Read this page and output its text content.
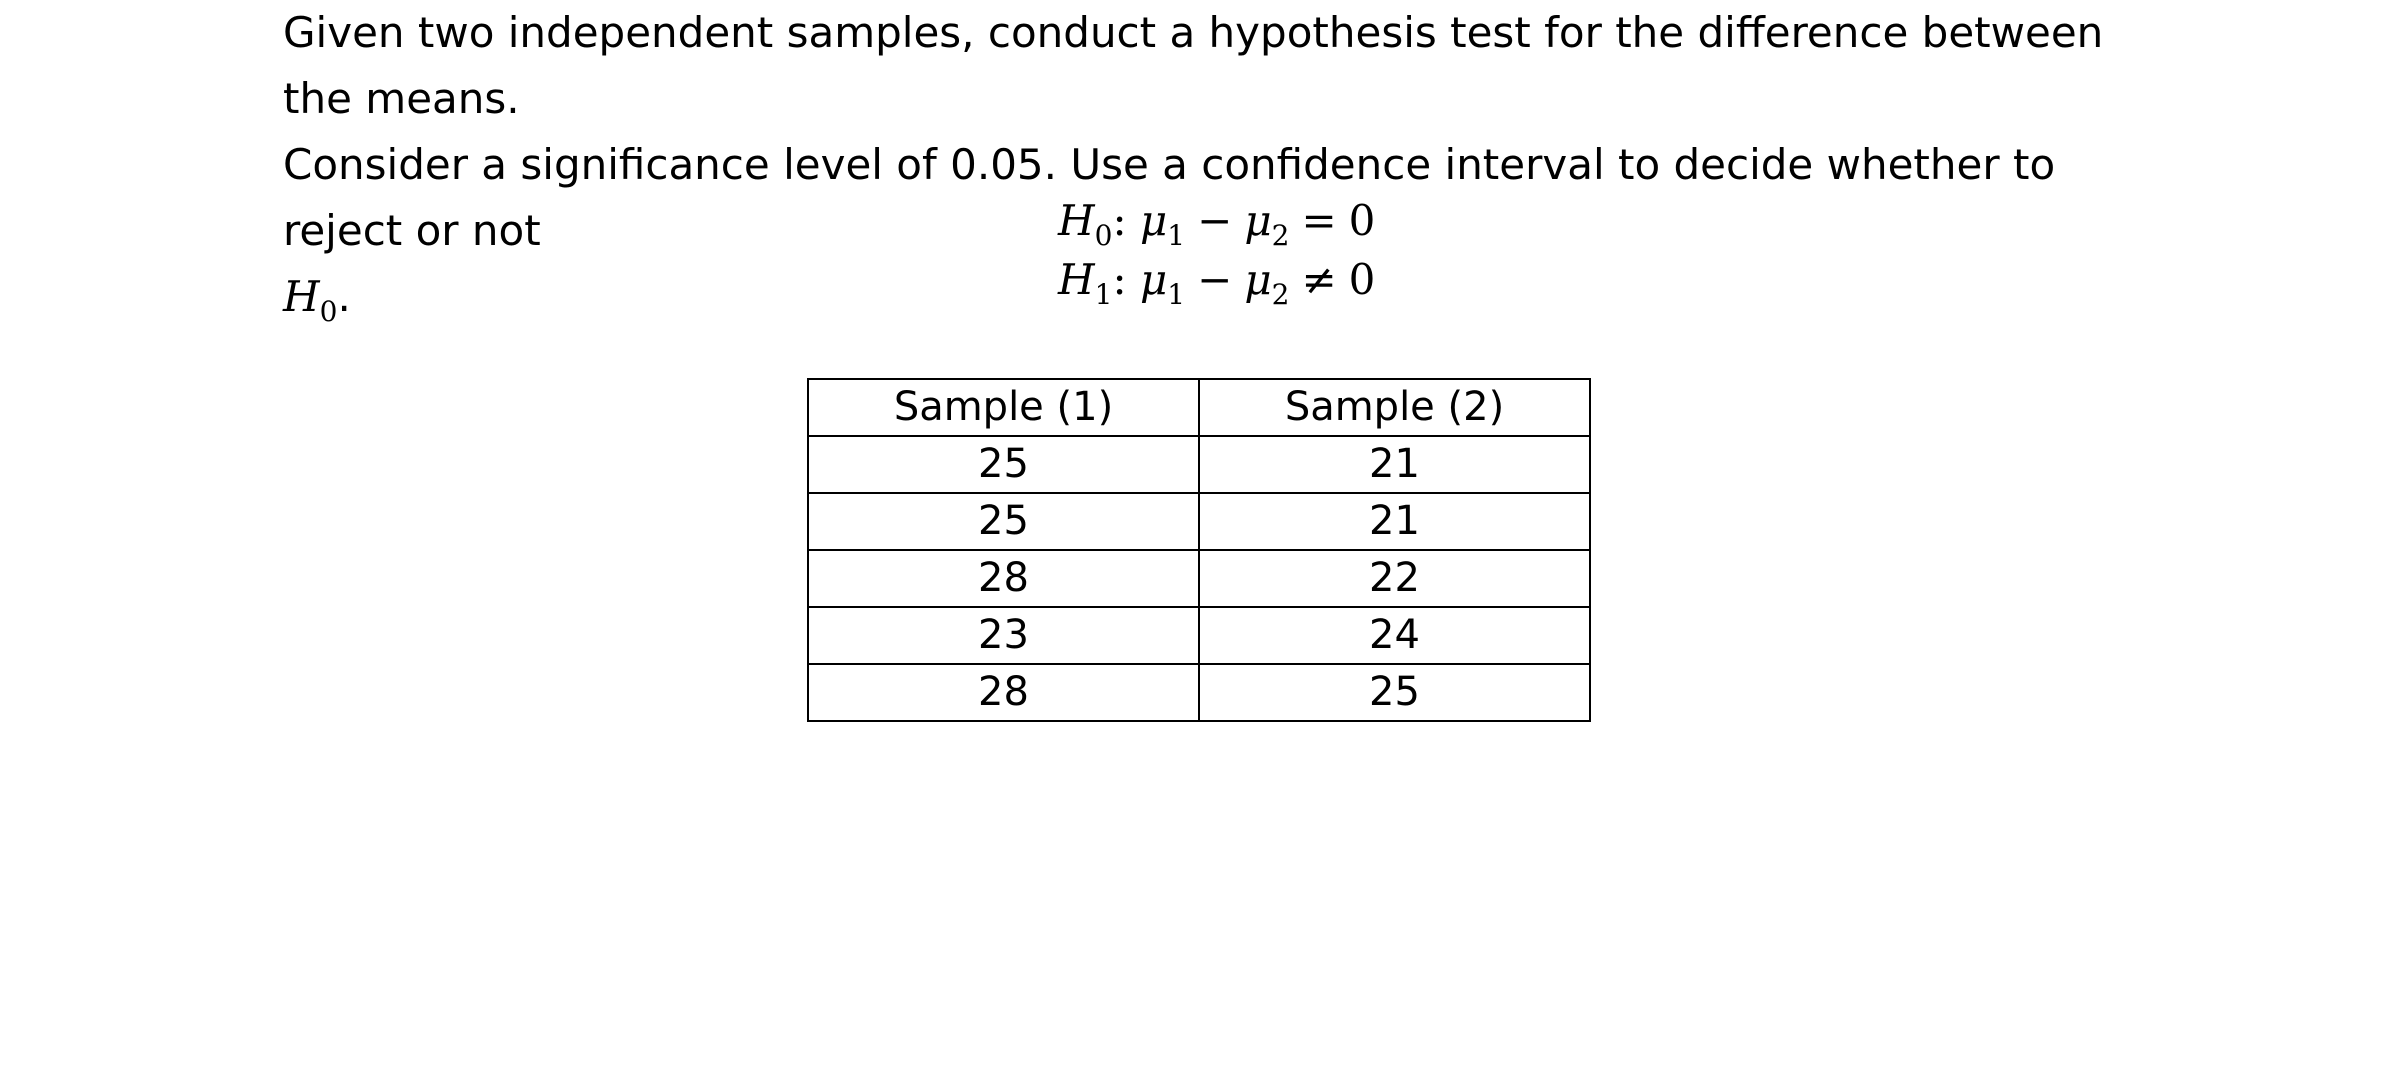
Given two independent samples, conduct a hypothesis test for the difference between the means.

Consider a significance level of 0.05. Use a confidence interval to decide whether to reject or not

$H_0$.

$H_0$: $\mu_1 - \mu_2 = 0$
$H_1$: $\mu_1 - \mu_2 \ne 0$
Sample (1)	Sample (2)
25	21
25	21
28	22
23	24
28	25
